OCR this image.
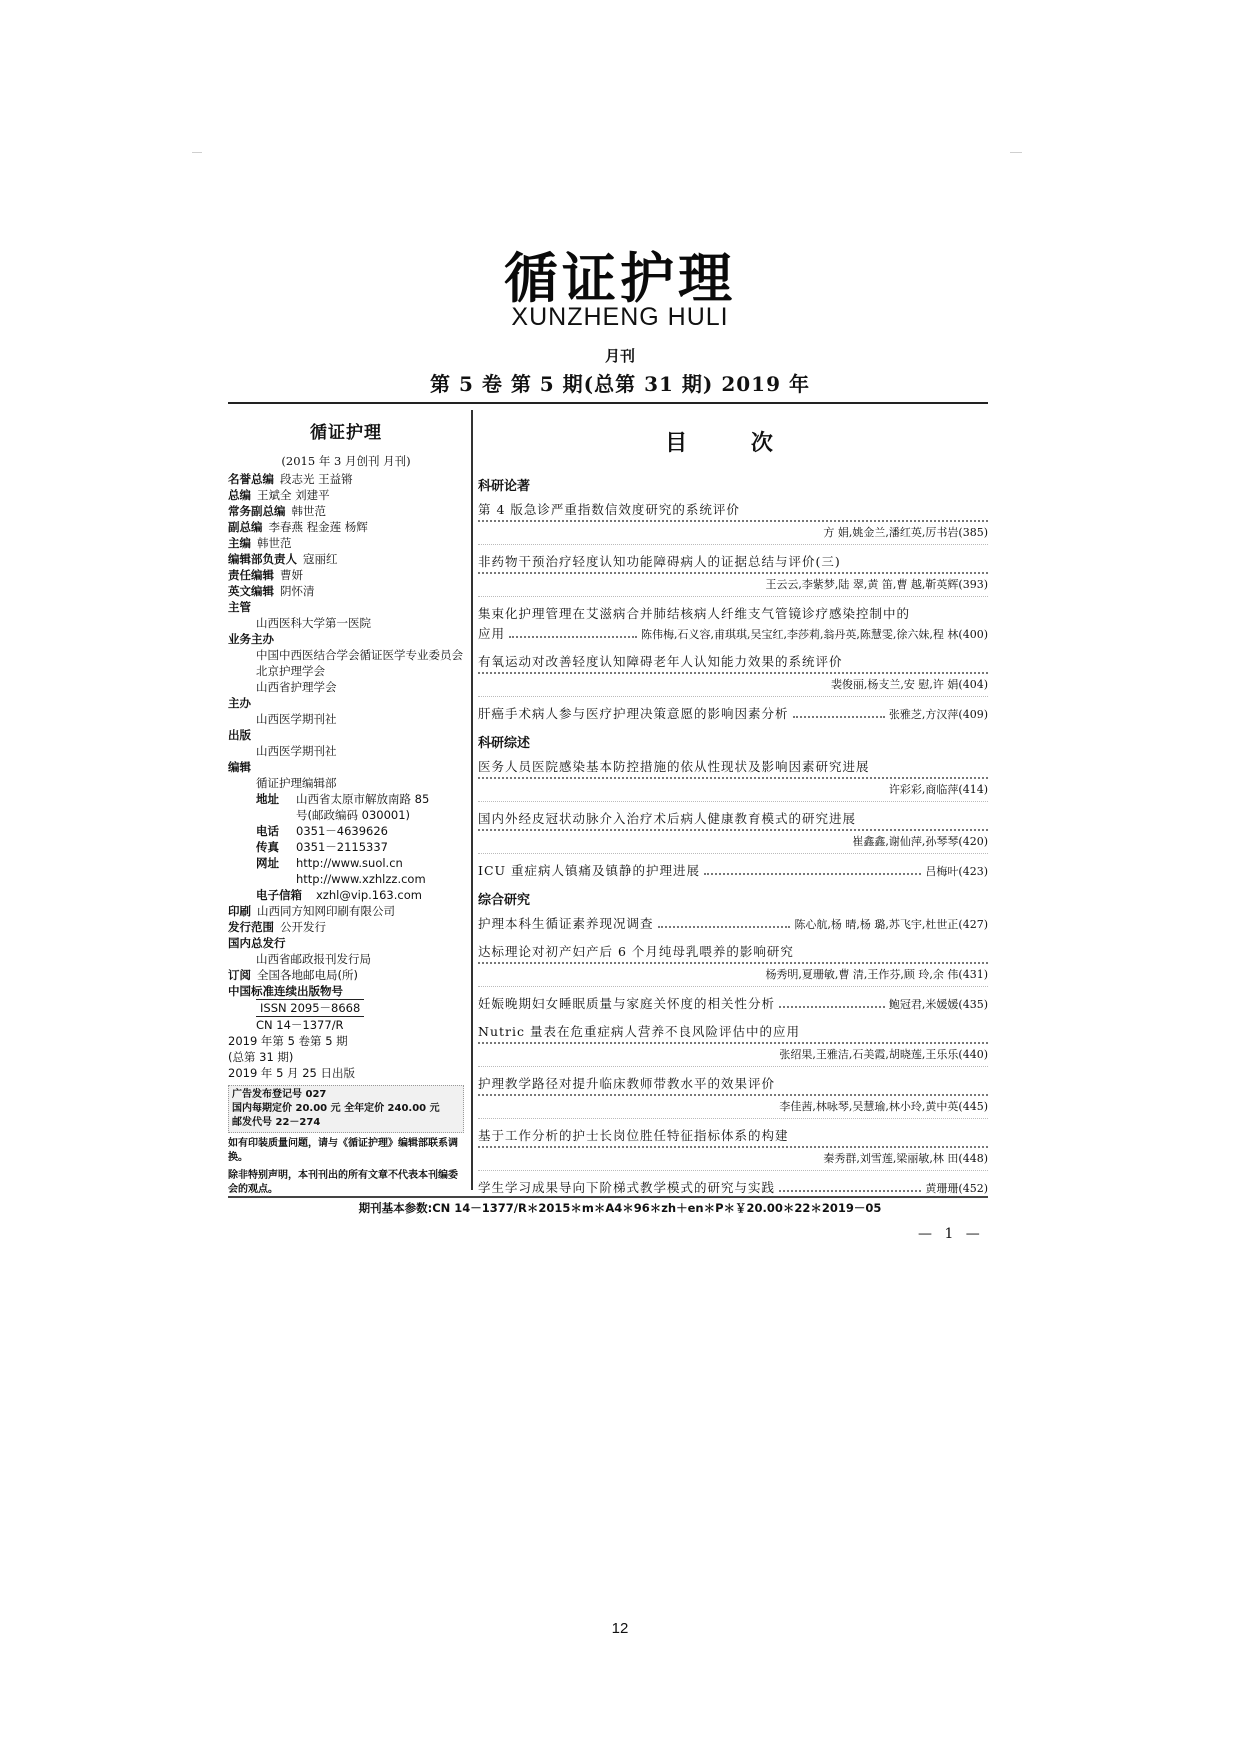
循证护理
XUNZHENG HULI
月刊
第 5 卷 第 5 期(总第 31 期) 2019 年
循证护理
(2015 年 3 月创刊 月刊)
名誉总编 段志光 王益锵
总编 王斌全 刘建平
常务副总编 韩世范
副总编 李春燕 程金莲 杨辉
主编 韩世范
编辑部负责人 寇丽红
责任编辑 曹妍
英文编辑 阴怀清
主管
山西医科大学第一医院
业务主办
中国中西医结合学会循证医学专业委员会
北京护理学会
山西省护理学会
主办
山西医学期刊社
出版
山西医学期刊社
编辑
循证护理编辑部
地址 山西省太原市解放南路 85
号(邮政编码 030001)
电话 0351－4639626
传真 0351－2115337
网址 http://www.suol.cn
http://www.xzhlzz.com
电子信箱 xzhl@vip.163.com
印刷 山西同方知网印刷有限公司
发行范围 公开发行
国内总发行
山西省邮政报刊发行局
订阅 全国各地邮电局(所)
中国标准连续出版物号
ISSN 2095－8668
CN 14－1377/R
2019 年第 5 卷第 5 期
(总第 31 期)
2019 年 5 月 25 日出版
广告发布登记号 027
国内每期定价 20.00 元 全年定价 240.00 元
邮发代号 22－274
如有印装质量问题，请与《循证护理》编辑部联系调换。
除非特别声明，本刊刊出的所有文章不代表本刊编委会的观点。
目 次
科研论著
第 4 版急诊严重指数信效度研究的系统评价
方 娟,姚金兰,潘红英,厉书岩(385)
非药物干预治疗轻度认知功能障碍病人的证据总结与评价(三)
王云云,李紫梦,陆 翠,黄 笛,曹 越,靳英辉(393)
集束化护理管理在艾滋病合并肺结核病人纤维支气管镜诊疗感染控制中的
应用	陈伟梅,石义容,甫琪琪,吴宝红,李莎莉,翁丹英,陈慧雯,徐六妹,程 林(400)
有氧运动对改善轻度认知障碍老年人认知能力效果的系统评价
裴俊丽,杨支兰,安 慰,许 娟(404)
肝癌手术病人参与医疗护理决策意愿的影响因素分析	张雅芝,方汉萍(409)
科研综述
医务人员医院感染基本防控措施的依从性现状及影响因素研究进展
许彩彩,商临萍(414)
国内外经皮冠状动脉介入治疗术后病人健康教育模式的研究进展
崔鑫鑫,谢仙萍,孙琴琴(420)
ICU 重症病人镇痛及镇静的护理进展	吕梅叶(423)
综合研究
护理本科生循证素养现况调查	陈心航,杨 晴,杨 璐,苏飞宇,杜世正(427)
达标理论对初产妇产后 6 个月纯母乳喂养的影响研究
杨秀明,夏珊敏,曹 清,王作芬,顾 玲,余 伟(431)
妊娠晚期妇女睡眠质量与家庭关怀度的相关性分析	鲍冠君,米媛媛(435)
Nutric 量表在危重症病人营养不良风险评估中的应用
张绍果,王雅洁,石美霞,胡晓莲,王乐乐(440)
护理教学路径对提升临床教师带教水平的效果评价
李佳茜,林咏琴,吴慧瑜,林小玲,黄中英(445)
基于工作分析的护士长岗位胜任特征指标体系的构建
秦秀群,刘雪莲,梁丽敏,林 田(448)
学生学习成果导向下阶梯式教学模式的研究与实践	黄珊珊(452)
期刊基本参数:CN 14－1377/R＊2015＊m＊A4＊96＊zh＋en＊P＊￥20.00＊22＊2019－05
— 1 —
12
